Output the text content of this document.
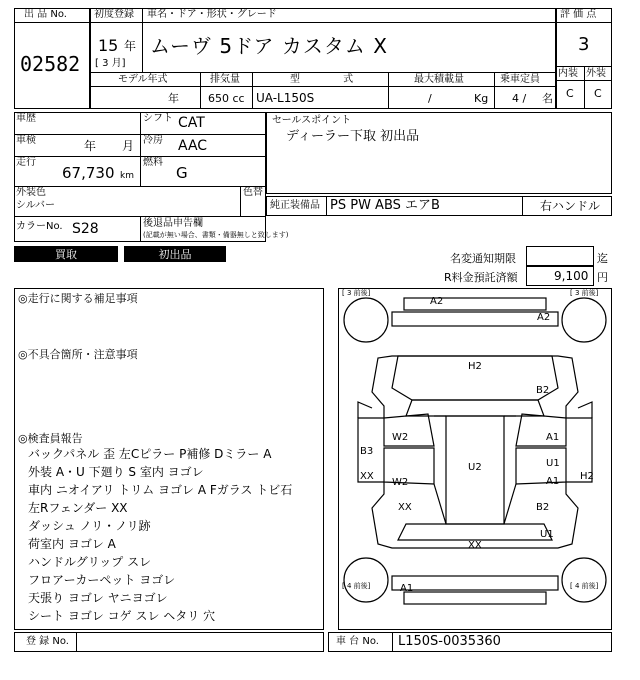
出 品 No.
02582
初度登録 車名・ドア・形状・グレード
15 年
[ 3 月]
ムーヴ 5ドア カスタム X
モデル年式	排気量	型 式	最大積載量	乗車定員
年	650 cc UA-L150S	/	Kg 4 / 名
評 価 点
3
内装 外装
C C
車歴	シフト CAT
車検	年 月 冷房 AAC
走行
67,730 km
燃料
G
外装色
シルバー
色替
カラーNo. S28	後退品申告欄
(記載が無い場合、書類・備器無しと致します)
セールスポイント
ディーラー下取 初出品
純正装備品 PS PW ABS エアB	右ハンドル
買取	初出品	名変通知期限	迄
R料金預託済額	9,100 円
◎走行に関する補足事項
◎不具合箇所・注意事項
◎検査員報告
バックパネル 歪 左Cピラー P補修 Dミラー A
外装 A・U 下廻り S 室内 ヨゴレ
車内 ニオイアリ トリム ヨゴレ A Fガラス トビ石
左Rフェンダー XX
ダッシュ ノリ・ノリ跡
荷室内 ヨゴレ A
ハンドルグリップ スレ
フロアーカーペット ヨゴレ
天張り ヨゴレ ヤニヨゴレ
シート ヨゴレ コゲ スレ ヘタリ 穴
[ 3 前後]	[ 3 前後]
[ 4 前後]	[ 4 前後]
A2
A2
H2
B2
W2	A1
B3
U2	U1
XX	A1 H2
W2
XX	B2
U1
XX
A1
登 録 No.	車 台 No. L150S-0035360
